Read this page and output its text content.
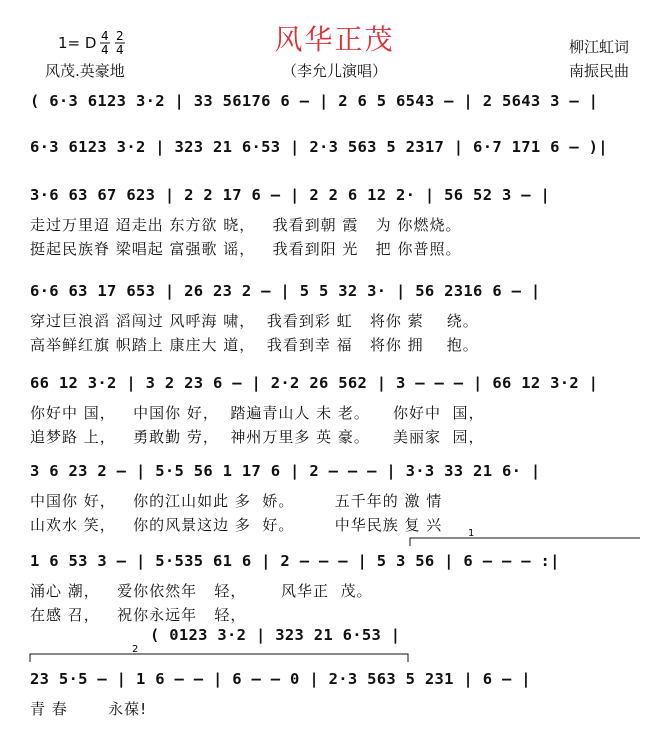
风华正茂
1= D 4
4
2
4
风茂.英豪地	（李允儿演唱）
柳江虹词
南振民曲
( 6·3 6123 3·2 | 33 56176 6 – | 2 6 5 6543 – | 2 5643 3 – |
6·3 6123 3·2 | 323 21 6·53 | 2·3 563 5 2317 | 6·7 171 6 – )|
3·6 63 67 623 | 2 2 17 6 – | 2 2 6 12 2· | 56 52 3 – |
走过万里迢 迢走出 东方欲 晓，   我看到朝 霞   为 你燃烧。
挺起民族脊 梁唱起 富强歌 谣，   我看到阳 光   把 你普照。
6·6 63 17 653 | 26 23 2 – | 5 5 32 3· | 56 2316 6 – |
穿过巨浪滔 滔闯过 风呼海 啸，  我看到彩 虹   将你 萦    绕。
高举鲜红旗 帜踏上 康庄大 道，  我看到幸 福   将你 拥    抱。
66 12 3·2 | 3 2 23 6 – | 2·2 26 562 | 3 – – – | 66 12 3·2 |
你好中 国，   中国你 好，  踏遍青山人 未 老。    你好中  国，
追梦路 上，   勇敢勤 劳，  神州万里多 英 豪。    美丽家  园，
3 6 23 2 – | 5·5 56 1 17 6 | 2 – – – | 3·3 33 21 6· |
中国你 好，   你的江山如此 多  娇。       五千年的 激 情
山欢水 笑，   你的风景这边 多  好。       中华民族 复 兴
1 6 53 3 – | 5·535 61 6 | 2 – – – | 5 3 56 | 6 – – – :|
涌心 潮，   爱你依然年   轻，      风华正  茂。
在感 召，   祝你永远年   轻，
( 0123 3·2 | 323 21 6·53 |
23 5·5 – | 1 6 – – | 6 – – 0 | 2·3 563 5 231 | 6 – |
青 春       永葆!
1
2
